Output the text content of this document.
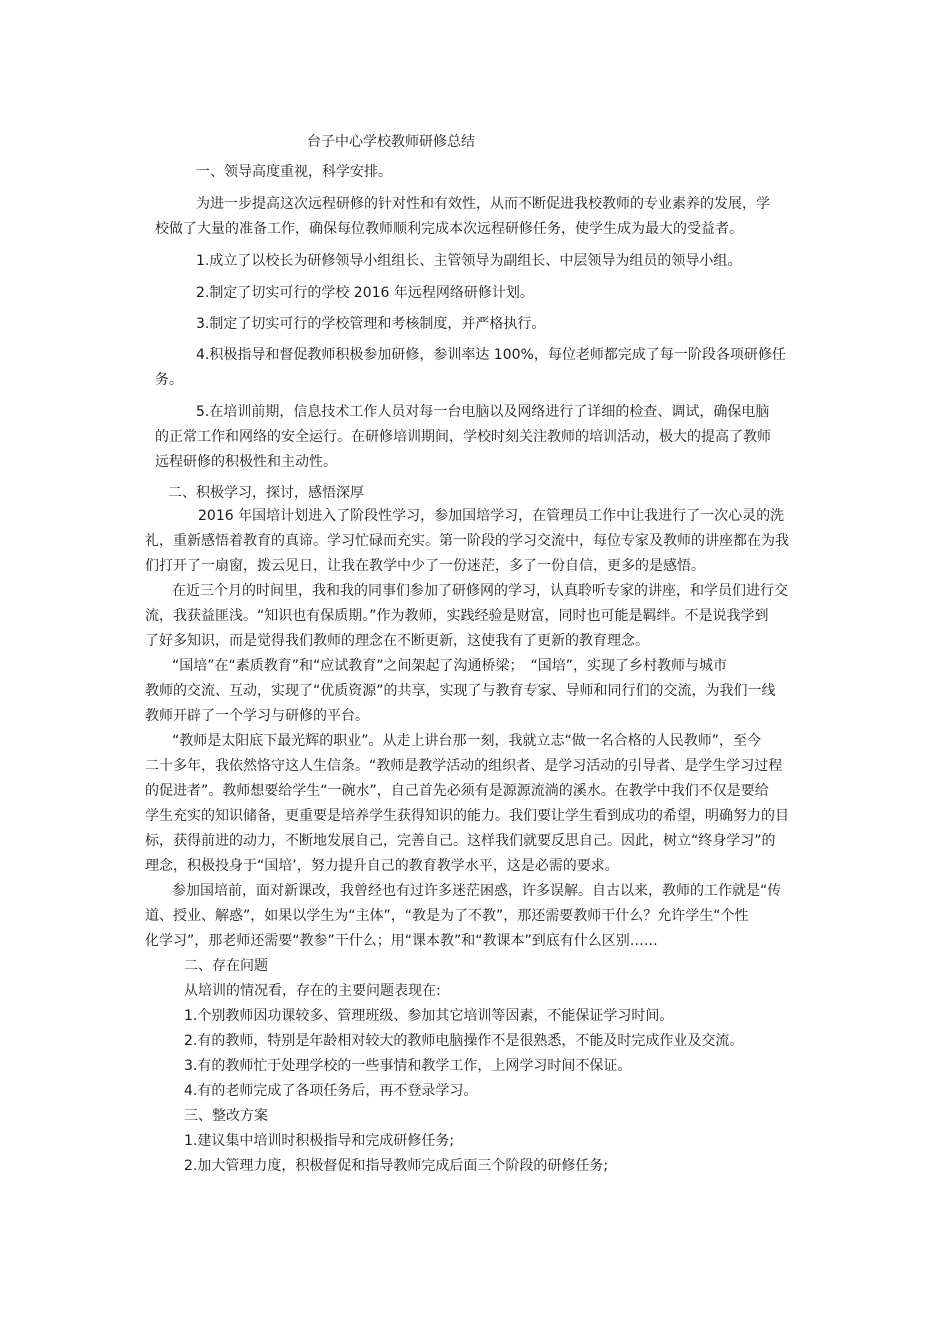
台子中心学校教师研修总结

一、领导高度重视，科学安排。

为进一步提高这次远程研修的针对性和有效性，从而不断促进我校教师的专业素养的发展，学

校做了大量的准备工作，确保每位教师顺利完成本次远程研修任务，使学生成为最大的受益者。

1.成立了以校长为研修领导小组组长、主管领导为副组长、中层领导为组员的领导小组。

2.制定了切实可行的学校 2016 年远程网络研修计划。

3.制定了切实可行的学校管理和考核制度，并严格执行。

4.积极指导和督促教师积极参加研修，参训率达 100%，每位老师都完成了每一阶段各项研修任

务。

5.在培训前期，信息技术工作人员对每一台电脑以及网络进行了详细的检查、调试，确保电脑

的正常工作和网络的安全运行。在研修培训期间，学校时刻关注教师的培训活动，极大的提高了教师

远程研修的积极性和主动性。

二、积极学习，探讨，感悟深厚

2016 年国培计划进入了阶段性学习，参加国培学习，在管理员工作中让我进行了一次心灵的洗

礼，重新感悟着教育的真谛。学习忙碌而充实。第一阶段的学习交流中，每位专家及教师的讲座都在为我

们打开了一扇窗，拨云见日，让我在教学中少了一份迷茫，多了一份自信，更多的是感悟。

在近三个月的时间里，我和我的同事们参加了研修网的学习，认真聆听专家的讲座，和学员们进行交

流，我获益匪浅。“知识也有保质期。”作为教师，实践经验是财富，同时也可能是羁绊。不是说我学到

了好多知识，而是觉得我们教师的理念在不断更新，这使我有了更新的教育理念。

“国培”在“素质教育”和“应试教育”之间架起了沟通桥梁；　“国培”，实现了乡村教师与城市

教师的交流、互动，实现了“优质资源”的共享，实现了与教育专家、导师和同行们的交流，为我们一线

教师开辟了一个学习与研修的平台。

“教师是太阳底下最光辉的职业”。从走上讲台那一刻，我就立志“做一名合格的人民教师”，至今

二十多年，我依然恪守这人生信条。“教师是教学活动的组织者、是学习活动的引导者、是学生学习过程

的促进者”。教师想要给学生“一碗水”，自己首先必须有是源源流淌的溪水。在教学中我们不仅是要给

学生充实的知识储备，更重要是培养学生获得知识的能力。我们要让学生看到成功的希望，明确努力的目

标，获得前进的动力，不断地发展自己，完善自己。这样我们就要反思自己。因此，树立“终身学习”的

理念，积极投身于“国培’，努力提升自己的教育教学水平，这是必需的要求。

参加国培前，面对新课改，我曾经也有过许多迷茫困惑，许多误解。自古以来，教师的工作就是“传

道、授业、解惑”，如果以学生为“主体”，“教是为了不教”，那还需要教师干什么？允许学生“个性

化学习”，那老师还需要“教参”干什么；用“课本教”和“教课本”到底有什么区别……

二、存在问题

从培训的情况看，存在的主要问题表现在:

1.个别教师因功课较多、管理班级、参加其它培训等因素，不能保证学习时间。

2.有的教师，特别是年龄相对较大的教师电脑操作不是很熟悉，不能及时完成作业及交流。

3.有的教师忙于处理学校的一些事情和教学工作，上网学习时间不保证。

4.有的老师完成了各项任务后，再不登录学习。

三、整改方案

1.建议集中培训时积极指导和完成研修任务;

2.加大管理力度，积极督促和指导教师完成后面三个阶段的研修任务;
